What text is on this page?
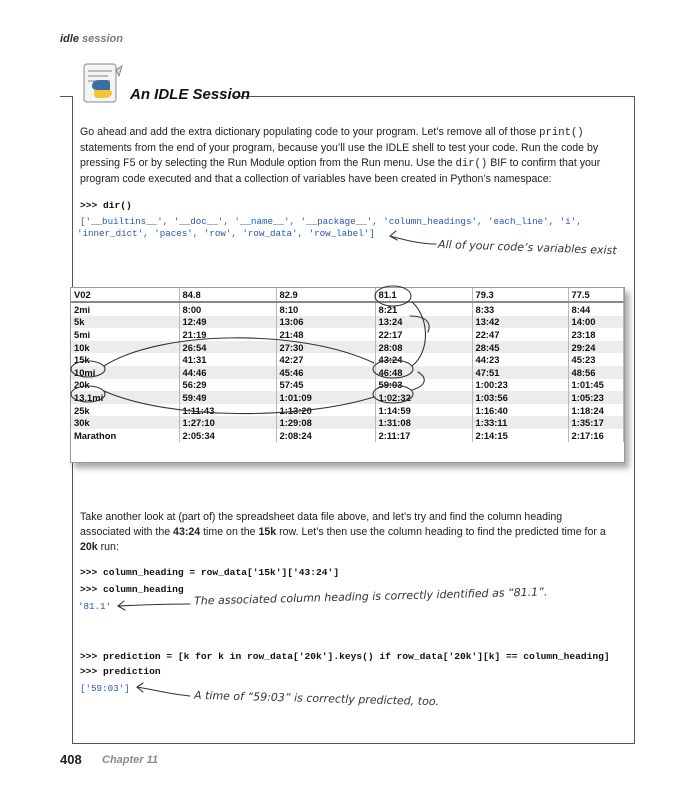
idle session
An IDLE Session
Go ahead and add the extra dictionary populating code to your program. Let’s remove all of those print()
statements from the end of your program, because you’ll use the IDLE shell to test your code. Run the code by
pressing F5 or by selecting the Run Module option from the Run menu. Use the dir() BIF to confirm that your
program code executed and that a collection of variables have been created in Python’s namespace:
>>> dir()
['__builtins__', '__doc__', '__name__', '__package__', 'column_headings', 'each_line', 'i',
'inner_dict', 'paces', 'row', 'row_data', 'row_label']
All of your code’s variables exist
V02	84.8	82.9	81.1	79.3	77.5
2mi	8:00	8:10	8:21	8:33	8:44
5k	12:49	13:06	13:24	13:42	14:00
5mi	21:19	21:48	22:17	22:47	23:18
10k	26:54	27:30	28:08	28:45	29:24
15k	41:31	42:27	43:24	44:23	45:23
10mi	44:46	45:46	46:48	47:51	48:56
20k	56:29	57:45	59:03	1:00:23	1:01:45
13.1mi	59:49	1:01:09	1:02:32	1:03:56	1:05:23
25k	1:11:43	1:13:20	1:14:59	1:16:40	1:18:24
30k	1:27:10	1:29:08	1:31:08	1:33:11	1:35:17
Marathon	2:05:34	2:08:24	2:11:17	2:14:15	2:17:16
Take another look at (part of) the spreadsheet data file above, and let’s try and find the column heading
associated with the 43:24 time on the 15k row. Let’s then use the column heading to find the predicted time for a
20k run:
>>> column_heading = row_data['15k']['43:24']
>>> column_heading
'81.1'	The associated column heading is correctly identified as “81.1”.
>>> prediction = [k for k in row_data['20k'].keys() if row_data['20k'][k] == column_heading]
>>> prediction
['59:03']
A time of “59:03” is correctly predicted, too.
408 Chapter 11
